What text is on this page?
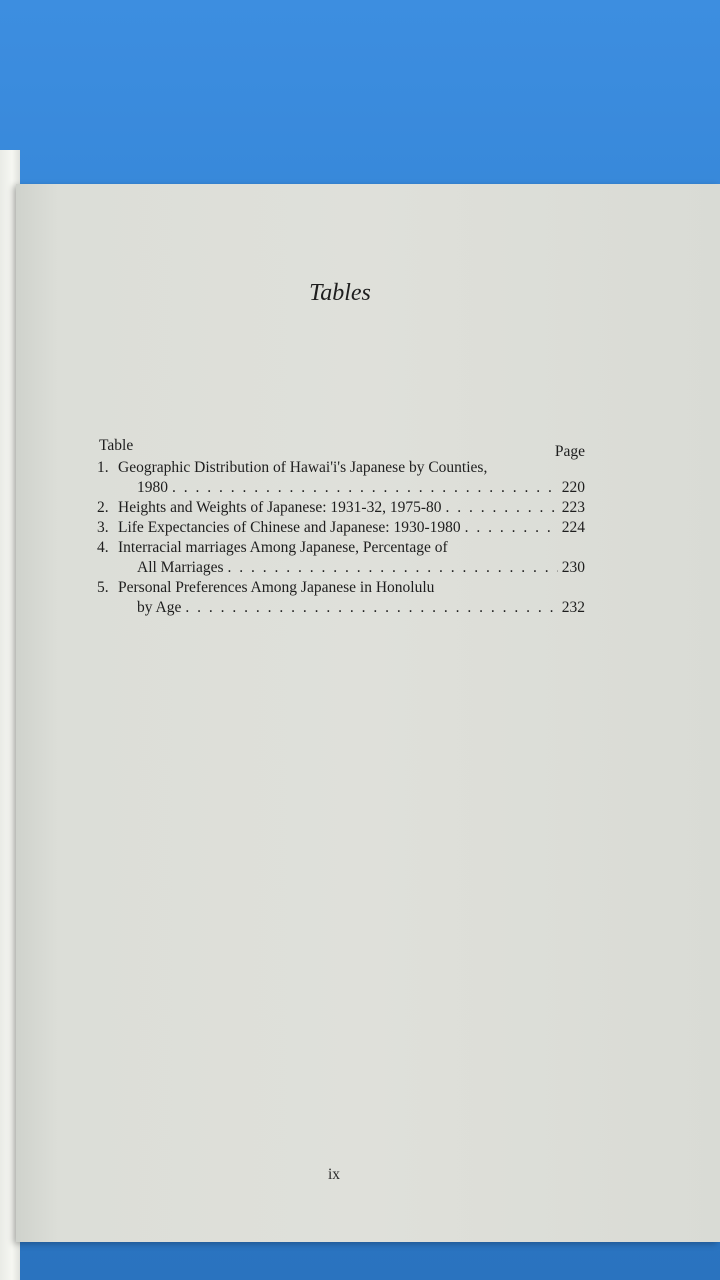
Tables
Table	Page
1. Geographic Distribution of Hawai'i's Japanese by Counties,
1980 . . .	220
2. Heights and Weights of Japanese: 1931-32, 1975-80 . . .	223
3. Life Expectancies of Chinese and Japanese: 1930-1980 . . .	224
4. Interracial marriages Among Japanese, Percentage of
All Marriages . . .	230
5. Personal Preferences Among Japanese in Honolulu
by Age . . .	232
ix
